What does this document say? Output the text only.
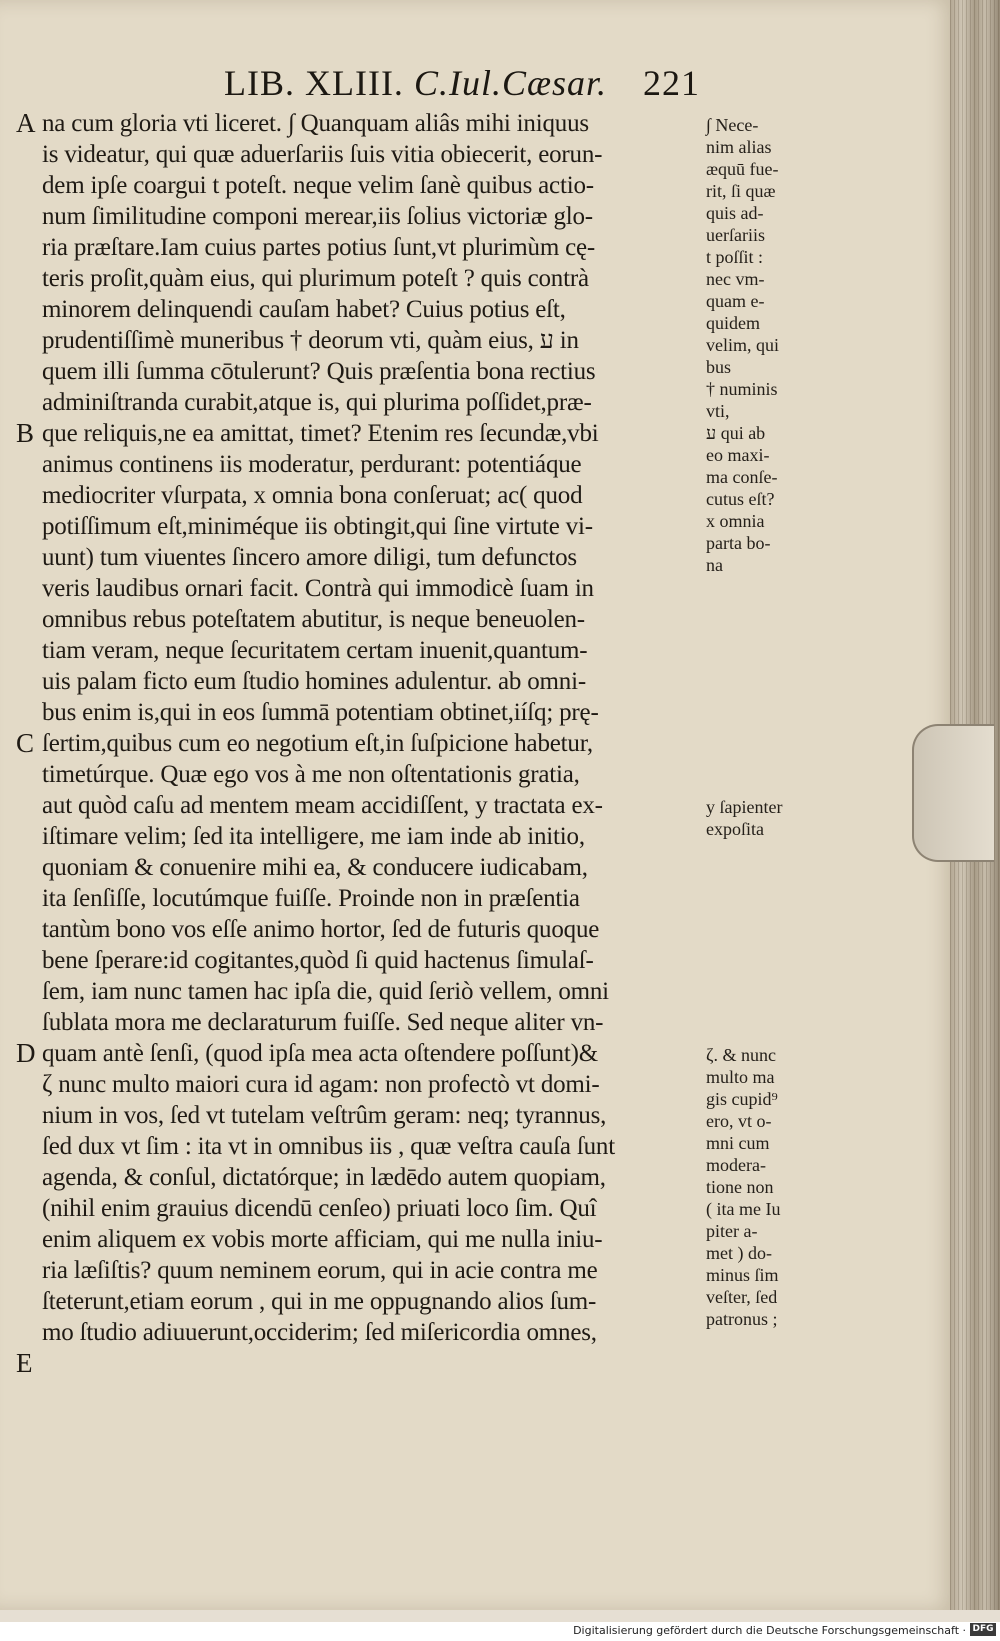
LIB. XLIII. C.Iul.Cæsar. 221
A
B
C
D
E
na cum gloria vti liceret. ∫ Quanquam aliâs mihi iniquus
is videatur, qui quæ aduerſariis ſuis vitia obiecerit, eorun-
dem ipſe coargui t poteſt. neque velim ſanè quibus actio-
num ſimilitudine componi merear,iis ſolius victoriæ glo-
ria præſtare.Iam cuius partes potius ſunt,vt plurimùm cę-
teris proſit,quàm eius, qui plurimum poteſt ? quis contrà
minorem delinquendi cauſam habet? Cuius potius eſt,
prudentiſſimè muneribus † deorum vti, quàm eius, ע in
quem illi ſumma cōtulerunt? Quis præſentia bona rectius
adminiſtranda curabit,atque is, qui plurima poſſidet,præ-
que reliquis,ne ea amittat, timet? Etenim res ſecundæ,vbi
animus continens iis moderatur, perdurant: potentiáque
mediocriter vſurpata, x omnia bona conſeruat; ac( quod
potiſſimum eſt,miniméque iis obtingit,qui ſine virtute vi-
uunt) tum viuentes ſincero amore diligi, tum defunctos
veris laudibus ornari facit. Contrà qui immodicè ſuam in
omnibus rebus poteſtatem abutitur, is neque beneuolen-
tiam veram, neque ſecuritatem certam inuenit,quantum-
uis palam ficto eum ſtudio homines adulentur. ab omni-
bus enim is,qui in eos ſummā potentiam obtinet,iíſq; prę-
ſertim,quibus cum eo negotium eſt,in ſuſpicione habetur,
timetúrque. Quæ ego vos à me non oſtentationis gratia,
aut quòd caſu ad mentem meam accidiſſent, y tractata ex-
iſtimare velim; ſed ita intelligere, me iam inde ab initio,
quoniam & conuenire mihi ea, & conducere iudicabam,
ita ſenſiſſe, locutúmque fuiſſe. Proinde non in præſentia
tantùm bono vos eſſe animo hortor, ſed de futuris quoque
bene ſperare:id cogitantes,quòd ſi quid hactenus ſimulaſ-
ſem, iam nunc tamen hac ipſa die, quid ſeriò vellem, omni
ſublata mora me declaraturum fuiſſe. Sed neque aliter vn-
quam antè ſenſi, (quod ipſa mea acta oſtendere poſſunt)&
ζ nunc multo maiori cura id agam: non profectò vt domi-
nium in vos, ſed vt tutelam veſtrûm geram: neq; tyrannus,
ſed dux vt ſim : ita vt in omnibus iis , quæ veſtra cauſa ſunt
agenda, & conſul, dictatórque; in lædēdo autem quopiam,
(nihil enim grauius dicendū cenſeo) priuati loco ſim. Quî
enim aliquem ex vobis morte afficiam, qui me nulla iniu-
ria læſiſtis? quum neminem eorum, qui in acie contra me
ſteterunt,etiam eorum , qui in me oppugnando alios ſum-
mo ſtudio adiuuerunt,occiderim; ſed miſericordia omnes,
∫ Nece-
nim alias
æquū fue-
rit, ſi quæ
quis ad-
uerſariis
t poſſit :
nec vm-
quam e-
quidem
velim, qui
bus
† numinis
vti,
ע qui ab
eo maxi-
ma conſe-
cutus eſt?
x omnia
parta bo-
na
y ſapienter
expoſita
ζ. & nunc
multo ma
gis cupid⁹
ero, vt o-
mni cum
modera-
tione non
( ita me Iu
piter a-
met ) do-
minus ſim
veſter, ſed
patronus ;
Digitalisierung gefördert durch die Deutsche Forschungsgemeinschaft · DFG
